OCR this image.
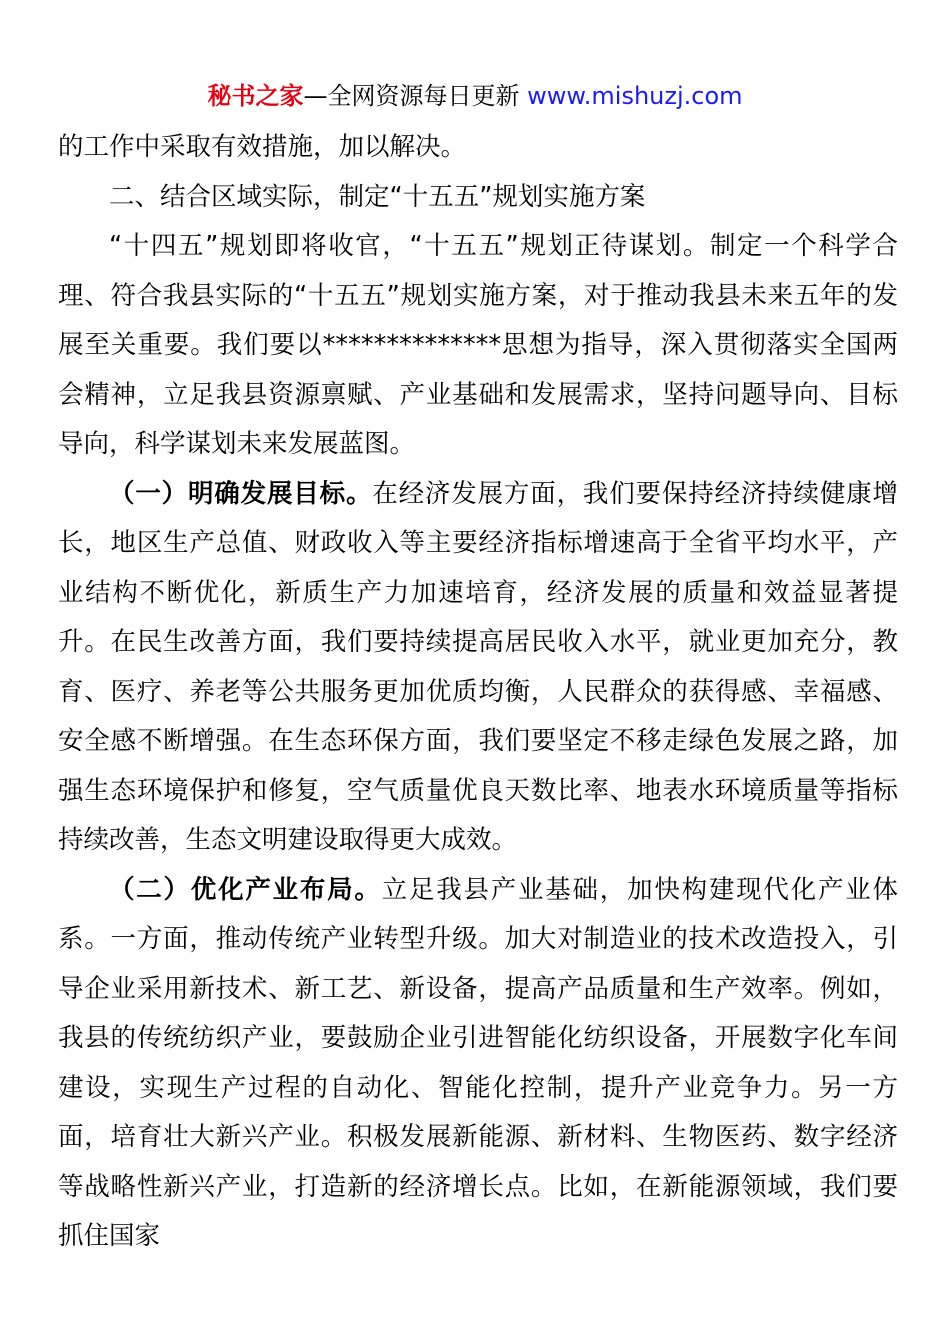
秘书之家—全网资源每日更新 www.mishuzj.com

的工作中采取有效措施，加以解决。

二、结合区域实际，制定“十五五”规划实施方案

“十四五”规划即将收官，“十五五”规划正待谋划。制定一个科学合理、符合我县实际的“十五五”规划实施方案，对于推动我县未来五年的发展至关重要。我们要以**************思想为指导，深入贯彻落实全国两会精神，立足我县资源禀赋、产业基础和发展需求，坚持问题导向、目标导向，科学谋划未来发展蓝图。

（一）明确发展目标。在经济发展方面，我们要保持经济持续健康增长，地区生产总值、财政收入等主要经济指标增速高于全省平均水平，产业结构不断优化，新质生产力加速培育，经济发展的质量和效益显著提升。在民生改善方面，我们要持续提高居民收入水平，就业更加充分，教育、医疗、养老等公共服务更加优质均衡，人民群众的获得感、幸福感、安全感不断增强。在生态环保方面，我们要坚定不移走绿色发展之路，加强生态环境保护和修复，空气质量优良天数比率、地表水环境质量等指标持续改善，生态文明建设取得更大成效。

（二）优化产业布局。立足我县产业基础，加快构建现代化产业体系。一方面，推动传统产业转型升级。加大对制造业的技术改造投入，引导企业采用新技术、新工艺、新设备，提高产品质量和生产效率。例如，我县的传统纺织产业，要鼓励企业引进智能化纺织设备，开展数字化车间建设，实现生产过程的自动化、智能化控制，提升产业竞争力。另一方面，培育壮大新兴产业。积极发展新能源、新材料、生物医药、数字经济等战略性新兴产业，打造新的经济增长点。比如，在新能源领域，我们要抓住国家
